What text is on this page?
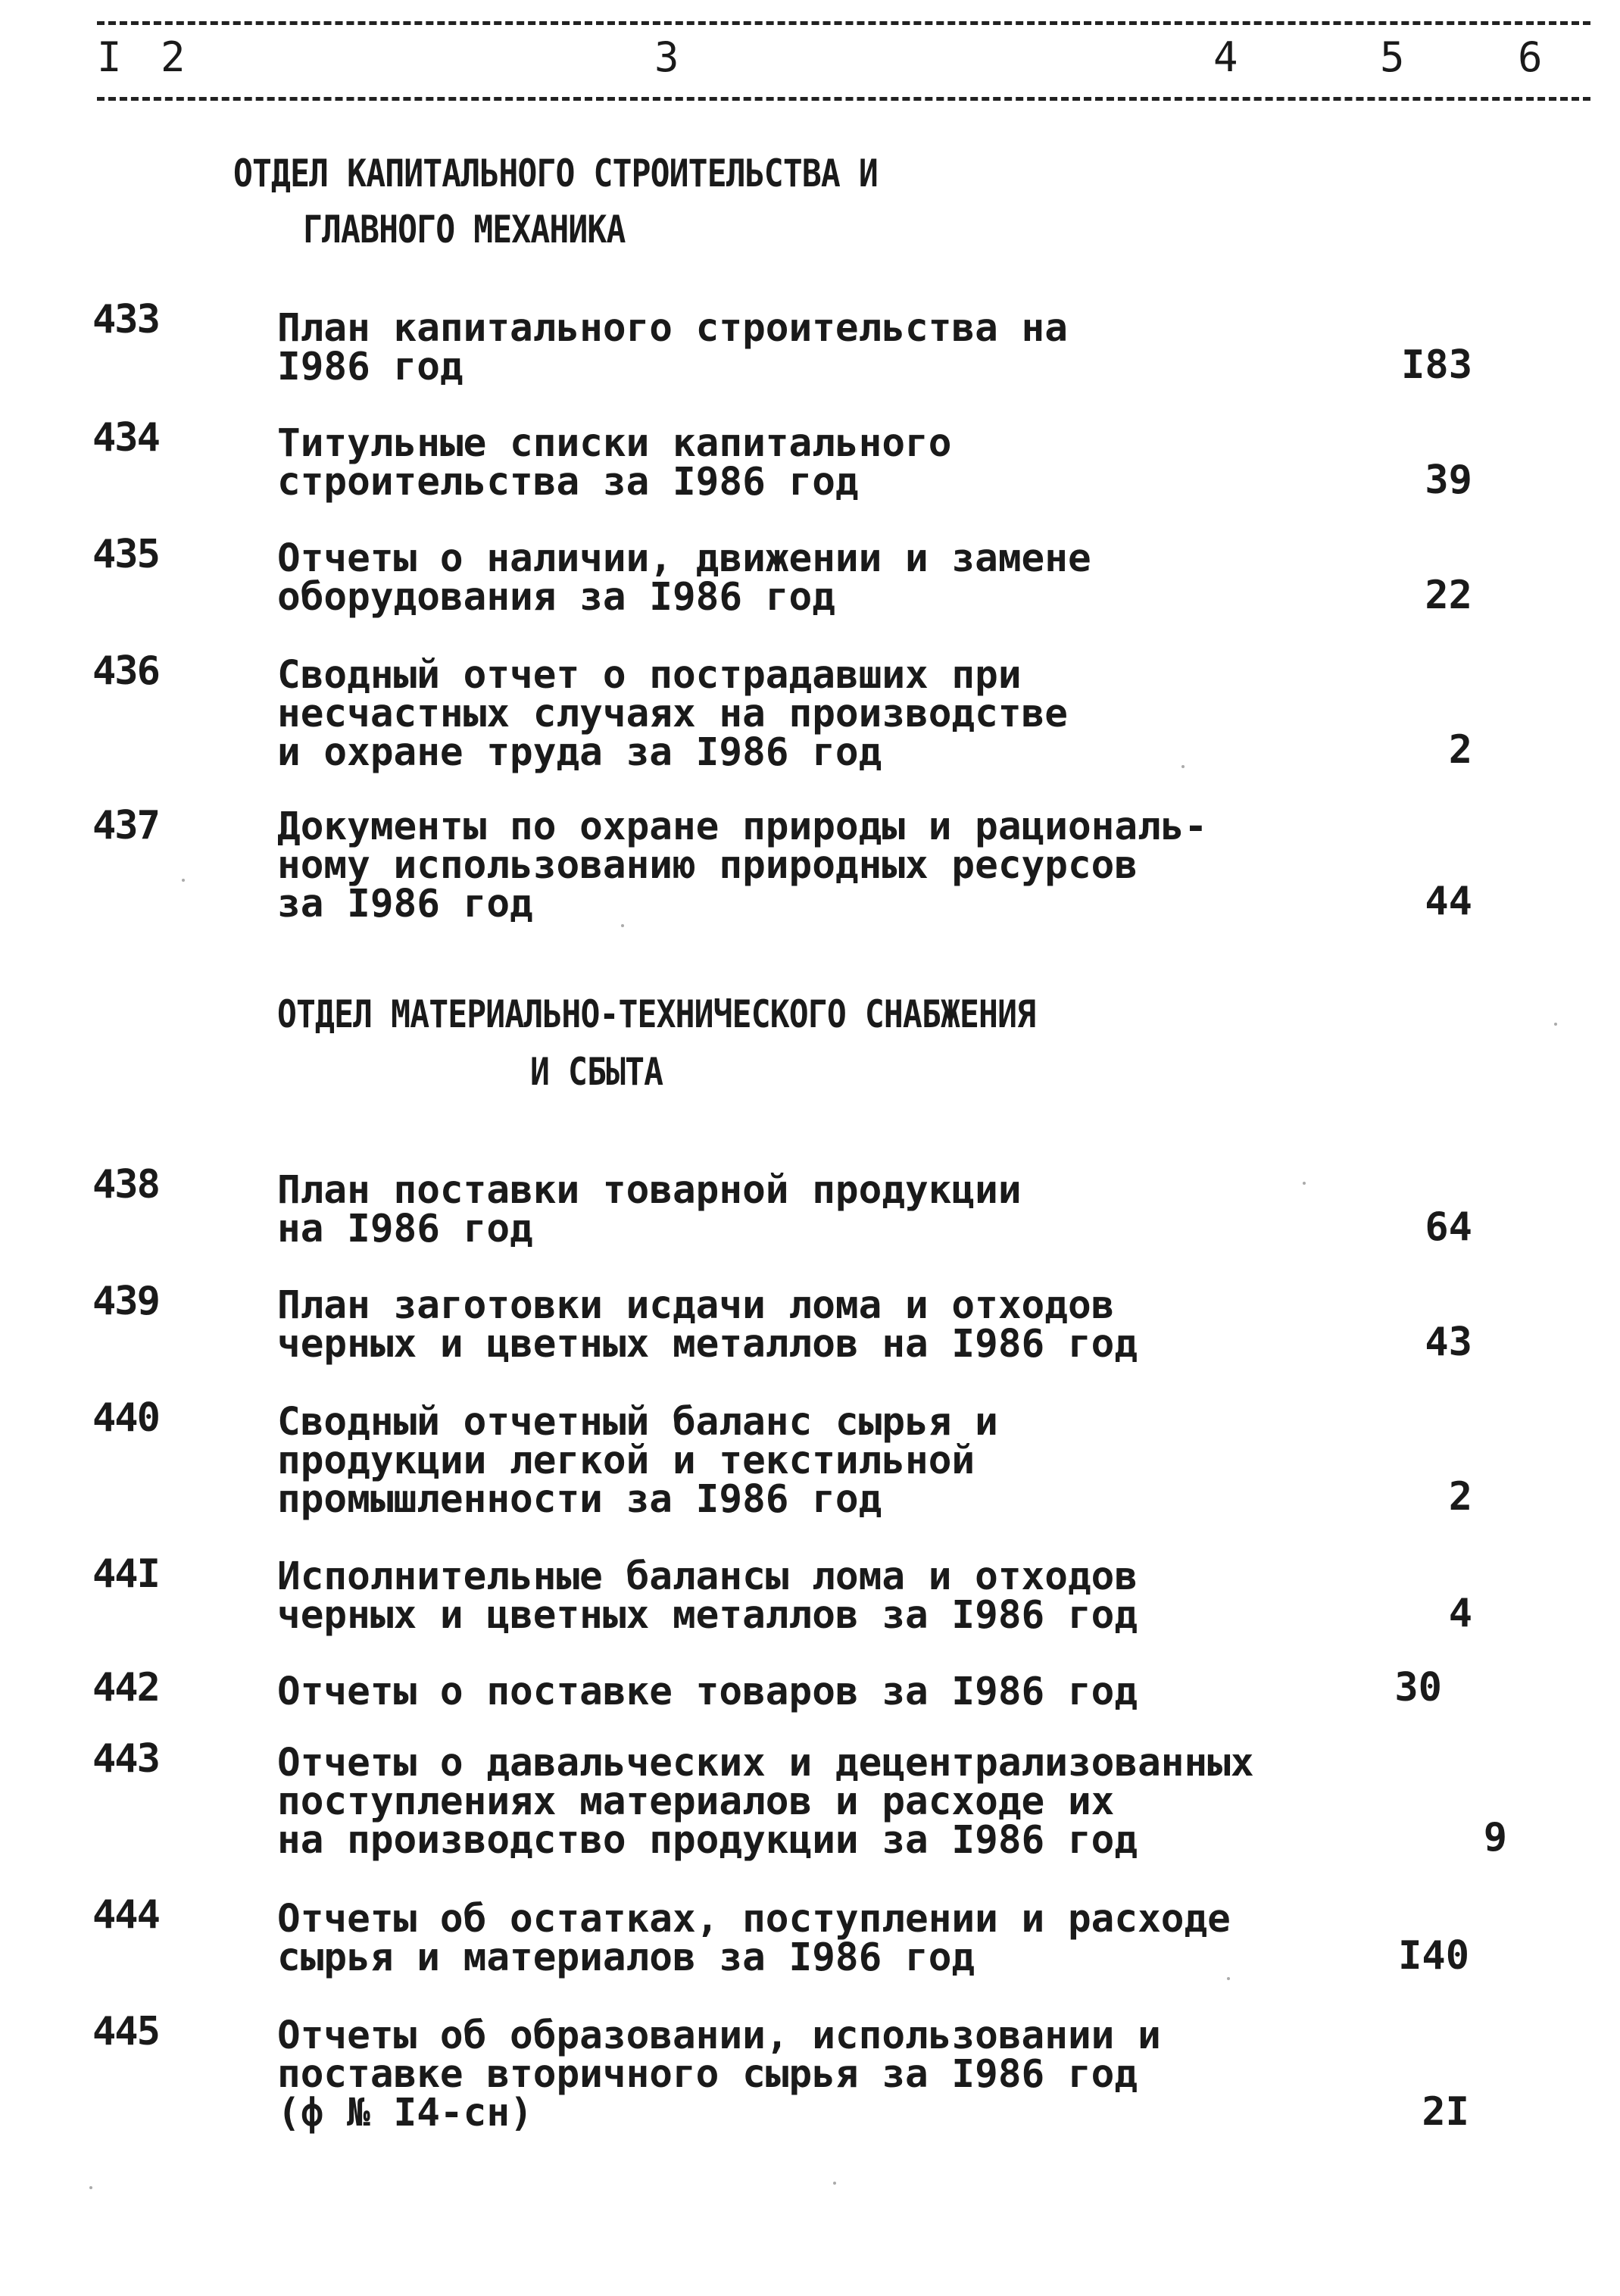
I 2	3	4	5	6
ОТДЕЛ КАПИТАЛЬНОГО СТРОИТЕЛЬСТВА И
ГЛАВНОГО МЕХАНИКА
433	План капитального строительства на
I986 год	I83
434	Титульные списки капитального
строительства за I986 год	39
435	Отчеты о наличии, движении и замене
оборудования за I986 год	22
436	Сводный отчет о пострадавших при
несчастных случаях на производстве
и охране труда за I986 год	2
437	Документы по охране природы и рациональ-
ному использованию природных ресурсов
за I986 год	44
ОТДЕЛ МАТЕРИАЛЬНО-ТЕХНИЧЕСКОГО СНАБЖЕНИЯ
И СБЫТА
438	План поставки товарной продукции
на I986 год	64
439	План заготовки исдачи лома и отходов
черных и цветных металлов на I986 год	43
440	Сводный отчетный баланс сырья и
продукции легкой и текстильной
промышленности за I986 год	2
44I	Исполнительные балансы лома и отходов
черных и цветных металлов за I986 год	4
442	Отчеты о поставке товаров за I986 год	30
443	Отчеты о давальческих и децентрализованных
поступлениях материалов и расходе их
на производство продукции за I986 год	9
444	Отчеты об остатках, поступлении и расходе
сырья и материалов за I986 год	I40
445	Отчеты об образовании, использовании и
поставке вторичного сырья за I986 год
(ф № I4-сн)	2I
